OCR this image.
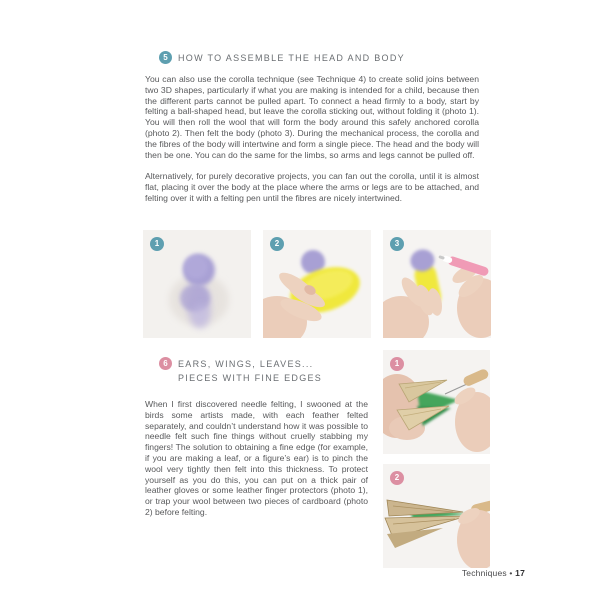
5	HOW TO ASSEMBLE THE HEAD AND BODY

You can also use the corolla technique (see Technique 4) to create solid joins between two 3D shapes, particularly if what you are making is intended for a child, because then the different parts cannot be pulled apart. To connect a head firmly to a body, start by felting a ball-shaped head, but leave the corolla sticking out, without folding it (photo 1). You will then roll the wool that will form the body around this safely anchored corolla (photo 2). Then felt the body (photo 3). During the mechanical process, the corolla and the fibres of the body will intertwine and form a single piece. The head and the body will then be one. You can do the same for the limbs, so arms and legs cannot be pulled off.

Alternatively, for purely decorative projects, you can fan out the corolla, until it is almost flat, placing it over the body at the place where the arms or legs are to be attached, and felting over it with a felting pen until the fibres are nicely intertwined.

1	2	3
6	EARS, WINGS, LEAVES...
PIECES WITH FINE EDGES

When I first discovered needle felting, I swooned at the birds some artists made, with each feather felted separately, and couldn’t understand how it was possible to needle felt such fine things without cruelly stabbing my fingers! The solution to obtaining a fine edge (for example, if you are making a leaf, or a figure’s ear) is to pinch the wool very tightly then felt into this thickness. To protect yourself as you do this, you can put on a thick pair of leather gloves or some leather finger protectors (photo 1), or trap your wool between two pieces of cardboard (photo 2) before felting.

1
2
Techniques • 17
